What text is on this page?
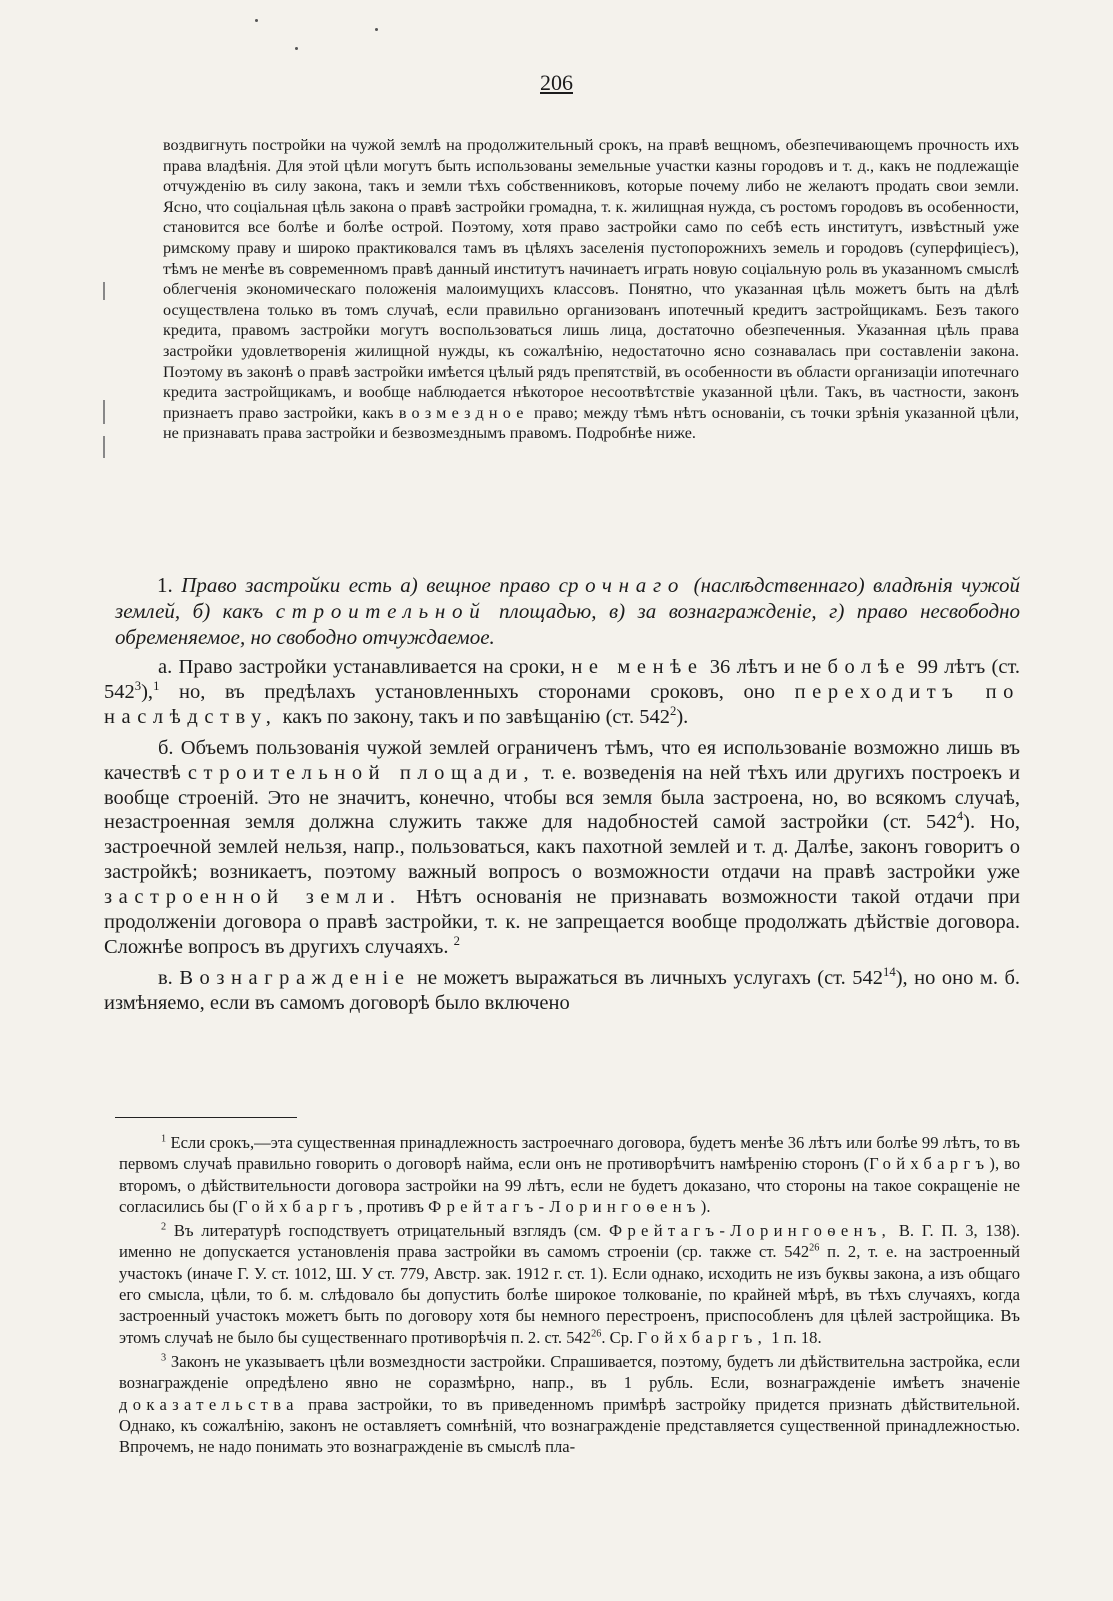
206

воздвигнуть постройки на чужой землѣ на продолжительный срокъ, на правѣ вещномъ, обезпечивающемъ прочность ихъ права владѣнія. Для этой цѣли могутъ быть использованы земельные участки казны городовъ и т. д., какъ не подлежащіе отчужденію въ силу закона, такъ и земли тѣхъ собственниковъ, которые почему либо не желаютъ продать свои земли. Ясно, что соціальная цѣль закона о правѣ застройки громадна, т. к. жилищная нужда, съ ростомъ городовъ въ особенности, становится все болѣе и болѣе острой. Поэтому, хотя право застройки само по себѣ есть институтъ, извѣстный уже римскому праву и широко практиковался тамъ въ цѣляхъ заселенія пустопорожнихъ земель и городовъ (суперфиціесъ), тѣмъ не менѣе въ современномъ правѣ данный институтъ начинаетъ играть новую соціальную роль въ указанномъ смыслѣ облегченія экономическаго положенія малоимущихъ классовъ. Понятно, что указанная цѣль можетъ быть на дѣлѣ осуществлена только въ томъ случаѣ, если правильно организованъ ипотечный кредитъ застройщикамъ. Безъ такого кредита, правомъ застройки могутъ воспользоваться лишь лица, достаточно обезпеченныя. Указанная цѣль права застройки удовлетворенія жилищной нужды, къ сожалѣнію, недостаточно ясно сознавалась при составленіи закона. Поэтому въ законѣ о правѣ застройки имѣется цѣлый рядъ препятствій, въ особенности въ области организаціи ипотечнаго кредита застройщикамъ, и вообще наблюдается нѣкоторое несоотвѣтствіе указанной цѣли. Такъ, въ частности, законъ признаетъ право застройки, какъ возмездное право; между тѣмъ нѣтъ основаніи, съ точки зрѣнія указанной цѣли, не признавать права застройки и безвозмезднымъ правомъ. Подробнѣе ниже.

1. Право застройки есть а) вещное право срочнаго (наслѣдственнаго) владѣнія чужой землей, б) какъ строительной площадью, в) за вознагражденіе, г) право несвободно обременяемое, но свободно отчуждаемое.

а. Право застройки устанавливается на сроки, не менѣе 36 лѣтъ и не болѣе 99 лѣтъ (ст. $542^3),^1$ но, въ предѣлахъ установленныхъ сторонами сроковъ, оно переходитъ по наслѣдству, какъ по закону, такъ и по завѣщанію (ст. $542^2$).

б. Объемъ пользованія чужой землей ограниченъ тѣмъ, что ея использованіе возможно лишь въ качествѣ строительной площади, т. е. возведенія на ней тѣхъ или другихъ построекъ и вообще строеній. Это не значитъ, конечно, чтобы вся земля была застроена, но, во всякомъ случаѣ, незастроенная земля должна служить также для надобностей самой застройки (ст. $542^4$). Но, застроечной землей нельзя, напр., пользоваться, какъ пахотной землей и т. д. Далѣе, законъ говоритъ о застройкѣ; возникаетъ, поэтому важный вопросъ о возможности отдачи на правѣ застройки уже застроенной земли. Нѣтъ основанія не признавать возможности такой отдачи при продолженіи договора о правѣ застройки, т. к. не запрещается вообще продолжать дѣйствіе договора. Сложнѣе вопросъ въ другихъ случаяхъ. $^2$

в. Вознагражденіе не можетъ выражаться въ личныхъ услугахъ (ст. $542^{14}$), но оно м. б. измѣняемо, если въ самомъ договорѣ было включено

$^1$ Если срокъ,—эта существенная принадлежность застроечнаго договора, будетъ менѣе 36 лѣтъ или болѣе 99 лѣтъ, то въ первомъ случаѣ правильно говорить о договорѣ найма, если онъ не противорѣчитъ намѣренію сторонъ (Гойхбаргъ), во второмъ, о дѣйствительности договора застройки на 99 лѣтъ, если не будетъ доказано, что стороны на такое сокращеніе не согласились бы (Гойхбаргъ, противъ Фрейтагъ-Лорингоѳенъ).

$^2$ Въ литературѣ господствуетъ отрицательный взглядъ (см. Фрейтагъ-Лорингоѳенъ, В. Г. П. 3, 138). именно не допускается установленія права застройки въ самомъ строеніи (ср. также ст. $542^{26}$ п. 2, т. е. на застроенный участокъ (иначе Г. У. ст. 1012, Ш. У ст. 779, Австр. зак. 1912 г. ст. 1). Если однако, исходить не изъ буквы закона, а изъ общаго его смысла, цѣли, то б. м. слѣдовало бы допустить болѣе широкое толкованіе, по крайней мѣрѣ, въ тѣхъ случаяхъ, когда застроенный участокъ можетъ быть по договору хотя бы немного перестроенъ, приспособленъ для цѣлей застройщика. Въ этомъ случаѣ не было бы существеннаго противорѣчія п. 2. ст. $542^{26}$. Ср. Гойхбаргъ, 1 п. 18.

$^3$ Законъ не указываетъ цѣли возмездности застройки. Спрашивается, поэтому, будетъ ли дѣйствительна застройка, если вознагражденіе опредѣлено явно не соразмѣрно, напр., въ 1 рубль. Если, вознагражденіе имѣетъ значеніе доказательства права застройки, то въ приведенномъ примѣрѣ застройку придется признать дѣйствительной. Однако, къ сожалѣнію, законъ не оставляетъ сомнѣній, что вознагражденіе представляется существенной принадлежностью. Впрочемъ, не надо понимать это вознагражденіе въ смыслѣ пла-
